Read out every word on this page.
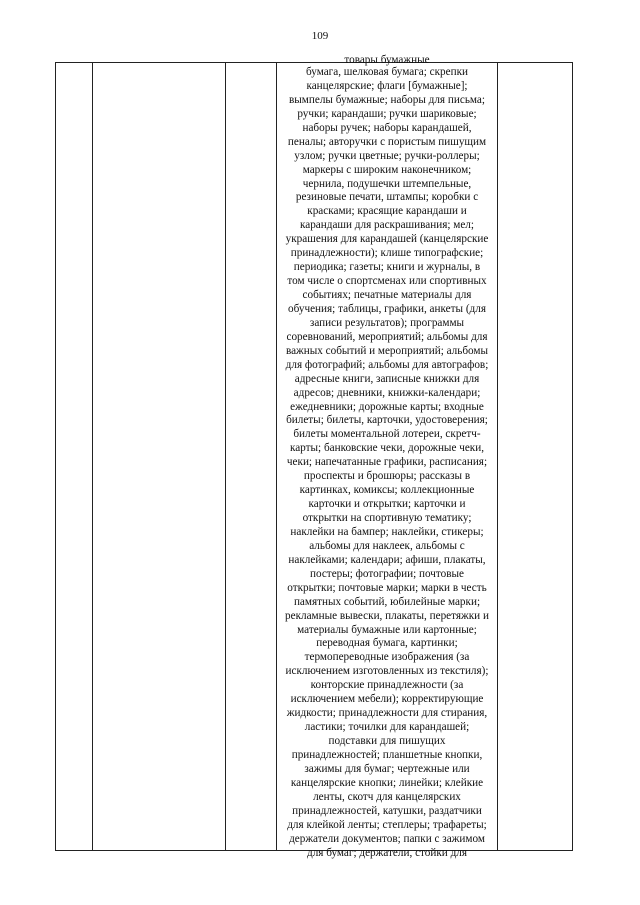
109
товары бумажные
бумага, шелковая бумага; скрепки
канцелярские; флаги [бумажные];
вымпелы бумажные; наборы для письма;
ручки; карандаши; ручки шариковые;
наборы ручек; наборы карандашей,
пеналы; авторучки с пористым пишущим
узлом; ручки цветные; ручки-роллеры;
маркеры с широким наконечником;
чернила, подушечки штемпельные,
резиновые печати, штампы; коробки с
красками; красящие карандаши и
карандаши для раскрашивания; мел;
украшения для карандашей (канцелярские
принадлежности); клише типографские;
периодика; газеты; книги и журналы, в
том числе о спортсменах или спортивных
событиях; печатные материалы для
обучения; таблицы, графики, анкеты (для
записи результатов); программы
соревнований, мероприятий; альбомы для
важных событий и мероприятий; альбомы
для фотографий; альбомы для автографов;
адресные книги, записные книжки для
адресов; дневники, книжки-календари;
ежедневники; дорожные карты; входные
билеты; билеты, карточки, удостоверения;
билеты моментальной лотереи, скретч-
карты; банковские чеки, дорожные чеки,
чеки; напечатанные графики, расписания;
проспекты и брошюры; рассказы в
картинках, комиксы; коллекционные
карточки и открытки; карточки и
открытки на спортивную тематику;
наклейки на бампер; наклейки, стикеры;
альбомы для наклеек, альбомы с
наклейками; календари; афиши, плакаты,
постеры; фотографии; почтовые
открытки; почтовые марки; марки в честь
памятных событий, юбилейные марки;
рекламные вывески, плакаты, перетяжки и
материалы бумажные или картонные;
переводная бумага, картинки;
термопереводные изображения (за
исключением изготовленных из текстиля);
конторские принадлежности (за
исключением мебели); корректирующие
жидкости; принадлежности для стирания,
ластики; точилки для карандашей;
подставки для пишущих
принадлежностей; планшетные кнопки,
зажимы для бумаг; чертежные или
канцелярские кнопки; линейки; клейкие
ленты, скотч для канцелярских
принадлежностей, катушки, раздатчики
для клейкой ленты; степлеры; трафареты;
держатели документов; папки с зажимом
для бумаг; держатели, стойки для
